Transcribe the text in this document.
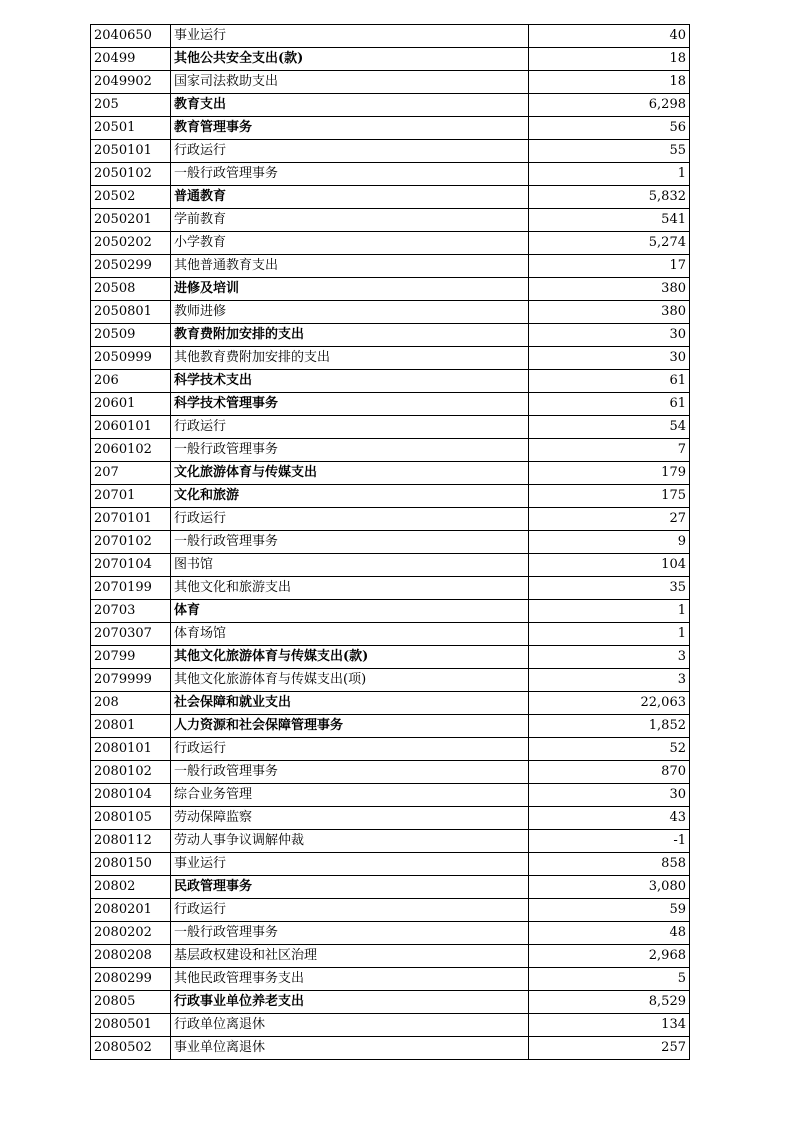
2040650	事业运行	40
20499	其他公共安全支出(款)	18
2049902	国家司法救助支出	18
205	教育支出	6,298
20501	教育管理事务	56
2050101	行政运行	55
2050102	一般行政管理事务	1
20502	普通教育	5,832
2050201	学前教育	541
2050202	小学教育	5,274
2050299	其他普通教育支出	17
20508	进修及培训	380
2050801	教师进修	380
20509	教育费附加安排的支出	30
2050999	其他教育费附加安排的支出	30
206	科学技术支出	61
20601	科学技术管理事务	61
2060101	行政运行	54
2060102	一般行政管理事务	7
207	文化旅游体育与传媒支出	179
20701	文化和旅游	175
2070101	行政运行	27
2070102	一般行政管理事务	9
2070104	图书馆	104
2070199	其他文化和旅游支出	35
20703	体育	1
2070307	体育场馆	1
20799	其他文化旅游体育与传媒支出(款)	3
2079999	其他文化旅游体育与传媒支出(项)	3
208	社会保障和就业支出	22,063
20801	人力资源和社会保障管理事务	1,852
2080101	行政运行	52
2080102	一般行政管理事务	870
2080104	综合业务管理	30
2080105	劳动保障监察	43
2080112	劳动人事争议调解仲裁	-1
2080150	事业运行	858
20802	民政管理事务	3,080
2080201	行政运行	59
2080202	一般行政管理事务	48
2080208	基层政权建设和社区治理	2,968
2080299	其他民政管理事务支出	5
20805	行政事业单位养老支出	8,529
2080501	行政单位离退休	134
2080502	事业单位离退休	257
